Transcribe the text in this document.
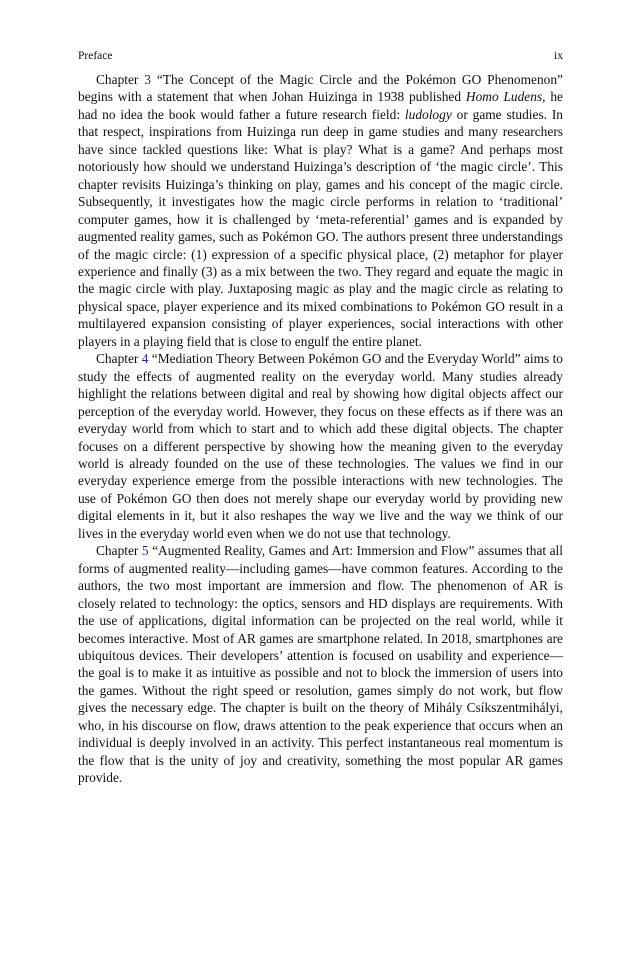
Preface	ix

Chapter 3 “The Concept of the Magic Circle and the Pokémon GO Phenomenon” begins with a statement that when Johan Huizinga in 1938 published Homo Ludens, he had no idea the book would father a future research field: ludology or game studies. In that respect, inspirations from Huizinga run deep in game studies and many researchers have since tackled questions like: What is play? What is a game? And perhaps most notoriously how should we understand Huizinga’s description of ‘the magic circle’. This chapter revisits Huizinga’s thinking on play, games and his concept of the magic circle. Subsequently, it investigates how the magic circle performs in relation to ‘traditional’ computer games, how it is challenged by ‘meta-referential’ games and is expanded by augmented reality games, such as Pokémon GO. The authors present three understandings of the magic circle: (1) expression of a specific physical place, (2) metaphor for player experience and finally (3) as a mix between the two. They regard and equate the magic in the magic circle with play. Juxtaposing magic as play and the magic circle as relating to physical space, player experience and its mixed combinations to Pokémon GO result in a multilayered expansion consisting of player experiences, social interactions with other players in a playing field that is close to engulf the entire planet.

Chapter 4 “Mediation Theory Between Pokémon GO and the Everyday World” aims to study the effects of augmented reality on the everyday world. Many studies already highlight the relations between digital and real by showing how digital objects affect our perception of the everyday world. However, they focus on these effects as if there was an everyday world from which to start and to which add these digital objects. The chapter focuses on a different perspective by showing how the meaning given to the everyday world is already founded on the use of these technologies. The values we find in our everyday experience emerge from the possible interactions with new technologies. The use of Pokémon GO then does not merely shape our everyday world by providing new digital elements in it, but it also reshapes the way we live and the way we think of our lives in the everyday world even when we do not use that technology.

Chapter 5 “Augmented Reality, Games and Art: Immersion and Flow” assumes that all forms of augmented reality—including games—have common features. According to the authors, the two most important are immersion and flow. The phenomenon of AR is closely related to technology: the optics, sensors and HD displays are requirements. With the use of applications, digital information can be projected on the real world, while it becomes interactive. Most of AR games are smartphone related. In 2018, smartphones are ubiquitous devices. Their developers’ attention is focused on usability and experience—the goal is to make it as intuitive as possible and not to block the immersion of users into the games. Without the right speed or resolution, games simply do not work, but flow gives the necessary edge. The chapter is built on the theory of Mihály Csíkszentmihályi, who, in his discourse on flow, draws attention to the peak experience that occurs when an individual is deeply involved in an activity. This perfect instantaneous real momentum is the flow that is the unity of joy and creativity, something the most popular AR games provide.
